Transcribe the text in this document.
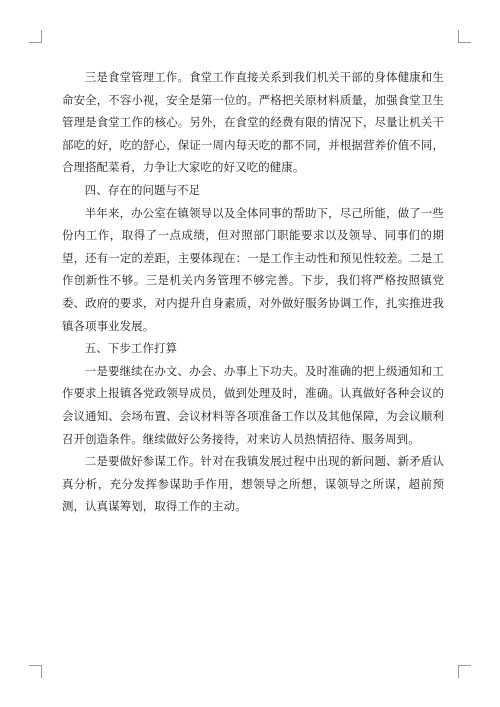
三是食堂管理工作。食堂工作直接关系到我们机关干部的身体健康和生命安全，不容小视，安全是第一位的。严格把关原材料质量，加强食堂卫生管理是食堂工作的核心。另外，在食堂的经费有限的情况下，尽量让机关干部吃的好，吃的舒心，保证一周内每天吃的都不同，并根据营养价值不同，合理搭配菜肴，力争让大家吃的好又吃的健康。

四、存在的问题与不足

半年来，办公室在镇领导以及全体同事的帮助下，尽己所能，做了一些份内工作，取得了一点成绩，但对照部门职能要求以及领导、同事们的期望，还有一定的差距，主要体现在：一是工作主动性和预见性较差。二是工作创新性不够。三是机关内务管理不够完善。下步，我们将严格按照镇党委、政府的要求，对内提升自身素质，对外做好服务协调工作，扎实推进我镇各项事业发展。

五、下步工作打算

一是要继续在办文、办会、办事上下功夫。及时准确的把上级通知和工作要求上报镇各党政领导成员，做到处理及时，准确。认真做好各种会议的会议通知、会场布置、会议材料等各项准备工作以及其他保障，为会议顺利召开创造条件。继续做好公务接待，对来访人员热情招待、服务周到。

二是要做好参谋工作。针对在我镇发展过程中出现的新问题、新矛盾认真分析，充分发挥参谋助手作用，想领导之所想，谋领导之所谋，超前预测，认真谋筹划，取得工作的主动。
